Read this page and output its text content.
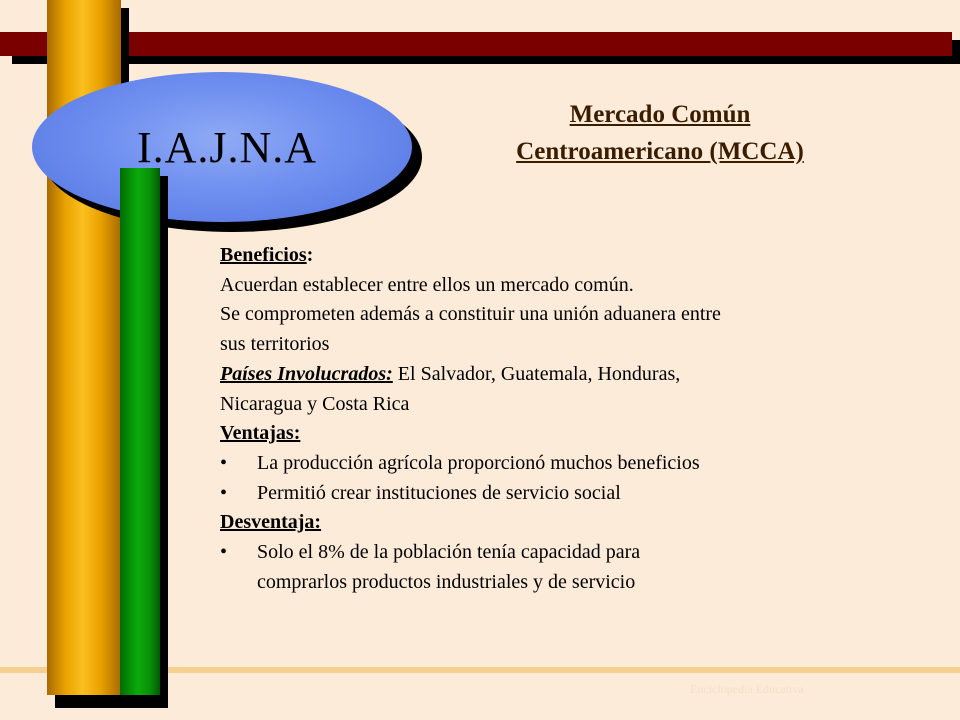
I.A.J.N.A
Mercado Común
Centroamericano (MCCA)
Beneficios:
Acuerdan establecer entre ellos un mercado común.
Se comprometen además a constituir una unión aduanera entre
sus territorios
Países Involucrados: El Salvador, Guatemala, Honduras,
Nicaragua y Costa Rica
Ventajas:
•	La producción agrícola proporcionó muchos beneficios
•	Permitió crear instituciones de servicio social
Desventaja:
•	Solo el 8% de la población tenía capacidad para
comprarlos productos industriales y de servicio
Enciclopedia Educativa
